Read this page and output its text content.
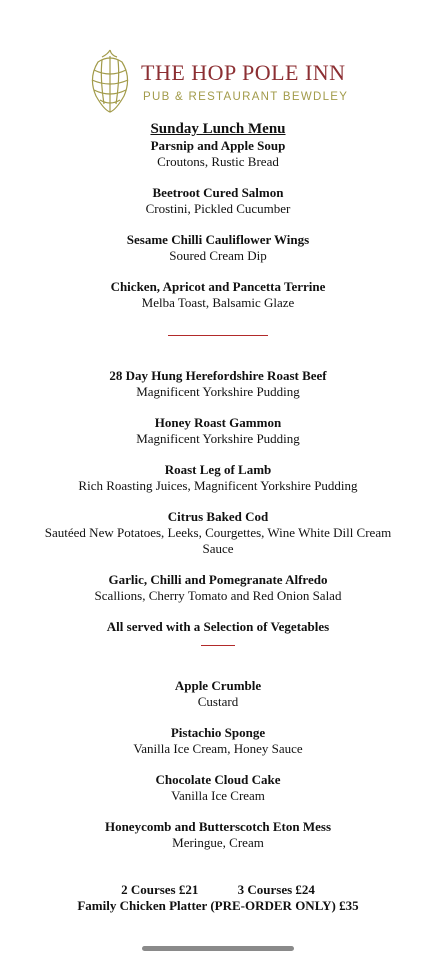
THE HOP POLE INN
PUB & RESTAURANT BEWDLEY
Sunday Lunch Menu
Parsnip and Apple Soup
Croutons, Rustic Bread
Beetroot Cured Salmon
Crostini, Pickled Cucumber
Sesame Chilli Cauliflower Wings
Soured Cream Dip
Chicken, Apricot and Pancetta Terrine
Melba Toast, Balsamic Glaze
28 Day Hung Herefordshire Roast Beef
Magnificent Yorkshire Pudding
Honey Roast Gammon
Magnificent Yorkshire Pudding
Roast Leg of Lamb
Rich Roasting Juices, Magnificent Yorkshire Pudding
Citrus Baked Cod
Sautéed New Potatoes, Leeks, Courgettes, Wine White Dill Cream Sauce
Garlic, Chilli and Pomegranate Alfredo
Scallions, Cherry Tomato and Red Onion Salad
All served with a Selection of Vegetables
Apple Crumble
Custard
Pistachio Sponge
Vanilla Ice Cream, Honey Sauce
Chocolate Cloud Cake
Vanilla Ice Cream
Honeycomb and Butterscotch Eton Mess
Meringue, Cream
2 Courses £21	3 Courses £24
Family Chicken Platter (PRE-ORDER ONLY) £35
